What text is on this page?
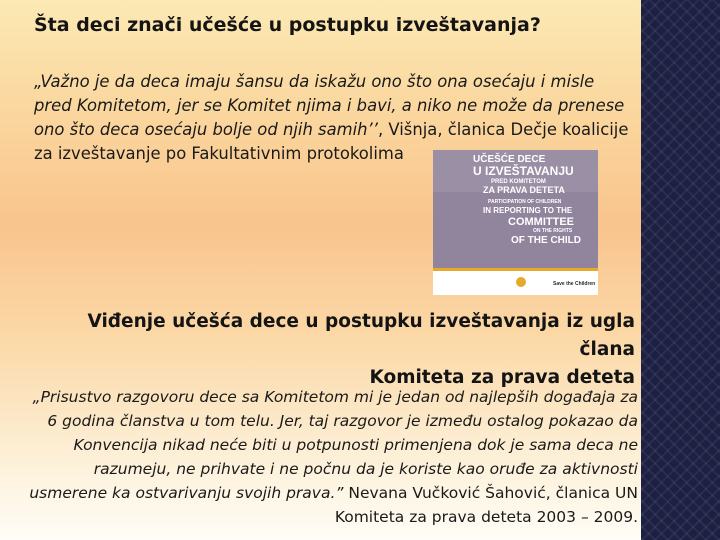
Šta deci znači učešće u postupku izveštavanja?

„Važno je da deca imaju šansu da iskažu ono što ona osećaju i misle pred Komitetom, jer se Komitet njima i bavi, a niko ne može da prenese ono što deca osećaju bolje od njih samih’’, Višnja, članica Dečje koalicije za izveštavanje po Fakultativnim protokolima	UČEŠĆE DECE
U IZVEŠTAVANJU
PRED KOMITETOM
ZA PRAVA DETETA
PARTICIPATION OF CHILDREN
IN REPORTING TO THE
COMMITTEE
ON THE RIGHTS
OF THE CHILD
Save the Children

Viđenje učešća dece u postupku izveštavanja iz ugla člana
Komiteta za prava deteta

„Prisustvo razgovoru dece sa Komitetom mi je jedan od najlepših događaja za 6 godina članstva u tom telu. Jer, taj razgovor je između ostalog pokazao da Konvencija nikad neće biti u potpunosti primenjena dok je sama deca ne razumeju, ne prihvate i ne počnu da je koriste kao oruđe za aktivnosti usmerene ka ostvarivanju svojih prava.” Nevana Vučković Šahović, članica UN Komiteta za prava deteta 2003 – 2009.
